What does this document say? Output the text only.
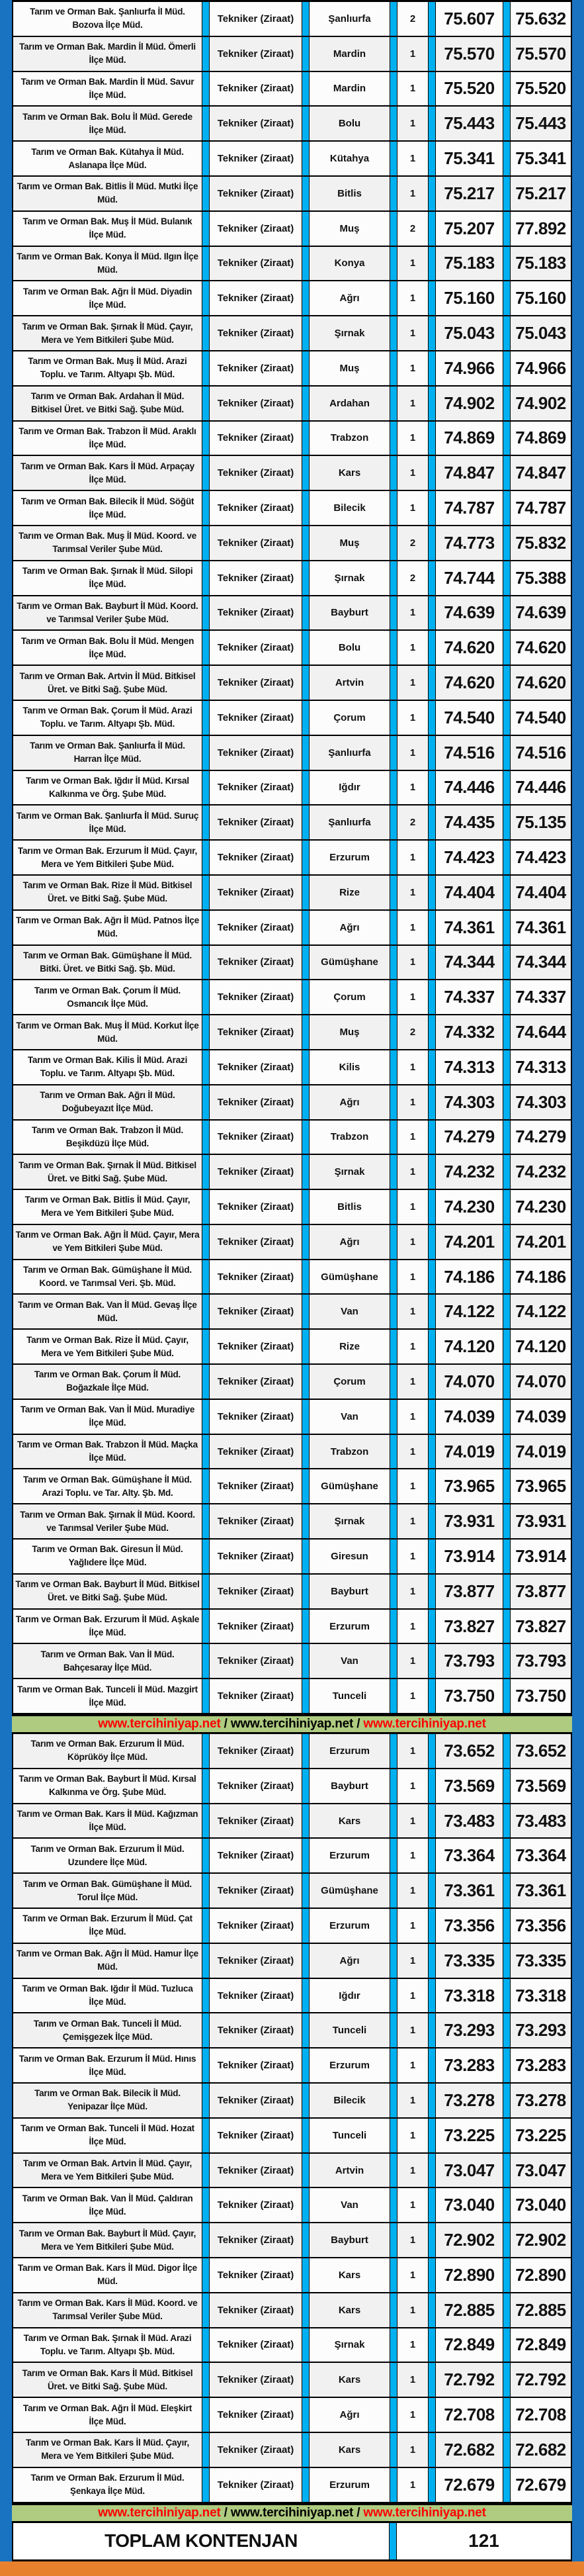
Tarım ve Orman Bak. Şanlıurfa İl Müd. Bozova İlçe Müd.
Tekniker (Ziraat)	Şanlıurfa	2	75.607	75.632
Tarım ve Orman Bak. Mardin İl Müd. Ömerli İlçe Müd.
Tekniker (Ziraat)	Mardin	1	75.570	75.570
Tarım ve Orman Bak. Mardin İl Müd. Savur İlçe Müd.
Tekniker (Ziraat)	Mardin	1	75.520	75.520
Tarım ve Orman Bak. Bolu İl Müd. Gerede İlçe Müd.
Tekniker (Ziraat)	Bolu	1	75.443	75.443
Tarım ve Orman Bak. Kütahya İl Müd. Aslanapa İlçe Müd.
Tekniker (Ziraat)	Kütahya	1	75.341	75.341
Tarım ve Orman Bak. Bitlis İl Müd. Mutki İlçe Müd.
Tekniker (Ziraat)	Bitlis	1	75.217	75.217
Tarım ve Orman Bak. Muş İl Müd. Bulanık İlçe Müd.
Tekniker (Ziraat)	Muş	2	75.207	77.892
Tarım ve Orman Bak. Konya İl Müd. Ilgın İlçe Müd.
Tekniker (Ziraat)	Konya	1	75.183	75.183
Tarım ve Orman Bak. Ağrı İl Müd. Diyadin İlçe Müd.
Tekniker (Ziraat)	Ağrı	1	75.160	75.160
Tarım ve Orman Bak. Şırnak İl Müd. Çayır, Mera ve Yem Bitkileri Şube Müd.
Tekniker (Ziraat)	Şırnak	1	75.043	75.043
Tarım ve Orman Bak. Muş İl Müd. Arazi Toplu. ve Tarım. Altyapı Şb. Müd.
Tekniker (Ziraat)	Muş	1	74.966	74.966
Tarım ve Orman Bak. Ardahan İl Müd. Bitkisel Üret. ve Bitki Sağ. Şube Müd.
Tekniker (Ziraat)	Ardahan	1	74.902	74.902
Tarım ve Orman Bak. Trabzon İl Müd. Araklı İlçe Müd.
Tekniker (Ziraat)	Trabzon	1	74.869	74.869
Tarım ve Orman Bak. Kars İl Müd. Arpaçay İlçe Müd.
Tekniker (Ziraat)	Kars	1	74.847	74.847
Tarım ve Orman Bak. Bilecik İl Müd. Söğüt İlçe Müd.
Tekniker (Ziraat)	Bilecik	1	74.787	74.787
Tarım ve Orman Bak. Muş İl Müd. Koord. ve Tarımsal Veriler Şube Müd.
Tekniker (Ziraat)	Muş	2	74.773	75.832
Tarım ve Orman Bak. Şırnak İl Müd. Silopi İlçe Müd.
Tekniker (Ziraat)	Şırnak	2	74.744	75.388
Tarım ve Orman Bak. Bayburt İl Müd. Koord. ve Tarımsal Veriler Şube Müd.
Tekniker (Ziraat)	Bayburt	1	74.639	74.639
Tarım ve Orman Bak. Bolu İl Müd. Mengen İlçe Müd.
Tekniker (Ziraat)	Bolu	1	74.620	74.620
Tarım ve Orman Bak. Artvin İl Müd. Bitkisel Üret. ve Bitki Sağ. Şube Müd.
Tekniker (Ziraat)	Artvin	1	74.620	74.620
Tarım ve Orman Bak. Çorum İl Müd. Arazi Toplu. ve Tarım. Altyapı Şb. Müd.
Tekniker (Ziraat)	Çorum	1	74.540	74.540
Tarım ve Orman Bak. Şanlıurfa İl Müd. Harran İlçe Müd.
Tekniker (Ziraat)	Şanlıurfa	1	74.516	74.516
Tarım ve Orman Bak. Iğdır İl Müd. Kırsal Kalkınma ve Örg. Şube Müd.
Tekniker (Ziraat)	Iğdır	1	74.446	74.446
Tarım ve Orman Bak. Şanlıurfa İl Müd. Suruç İlçe Müd.
Tekniker (Ziraat)	Şanlıurfa	2	74.435	75.135
Tarım ve Orman Bak. Erzurum İl Müd. Çayır, Mera ve Yem Bitkileri Şube Müd.
Tekniker (Ziraat)	Erzurum	1	74.423	74.423
Tarım ve Orman Bak. Rize İl Müd. Bitkisel Üret. ve Bitki Sağ. Şube Müd.
Tekniker (Ziraat)	Rize	1	74.404	74.404
Tarım ve Orman Bak. Ağrı İl Müd. Patnos İlçe Müd.
Tekniker (Ziraat)	Ağrı	1	74.361	74.361
Tarım ve Orman Bak. Gümüşhane İl Müd. Bitki. Üret. ve Bitki Sağ. Şb. Müd.
Tekniker (Ziraat)	Gümüşhane	1	74.344	74.344
Tarım ve Orman Bak. Çorum İl Müd. Osmancık İlçe Müd.
Tekniker (Ziraat)	Çorum	1	74.337	74.337
Tarım ve Orman Bak. Muş İl Müd. Korkut İlçe Müd.
Tekniker (Ziraat)	Muş	2	74.332	74.644
Tarım ve Orman Bak. Kilis İl Müd. Arazi Toplu. ve Tarım. Altyapı Şb. Müd.
Tekniker (Ziraat)	Kilis	1	74.313	74.313
Tarım ve Orman Bak. Ağrı İl Müd. Doğubeyazıt İlçe Müd.
Tekniker (Ziraat)	Ağrı	1	74.303	74.303
Tarım ve Orman Bak. Trabzon İl Müd. Beşikdüzü İlçe Müd.
Tekniker (Ziraat)	Trabzon	1	74.279	74.279
Tarım ve Orman Bak. Şırnak İl Müd. Bitkisel Üret. ve Bitki Sağ. Şube Müd.
Tekniker (Ziraat)	Şırnak	1	74.232	74.232
Tarım ve Orman Bak. Bitlis İl Müd. Çayır, Mera ve Yem Bitkileri Şube Müd.
Tekniker (Ziraat)	Bitlis	1	74.230	74.230
Tarım ve Orman Bak. Ağrı İl Müd. Çayır, Mera ve Yem Bitkileri Şube Müd.
Tekniker (Ziraat)	Ağrı	1	74.201	74.201
Tarım ve Orman Bak. Gümüşhane İl Müd. Koord. ve Tarımsal Veri. Şb. Müd.
Tekniker (Ziraat)	Gümüşhane	1	74.186	74.186
Tarım ve Orman Bak. Van İl Müd. Gevaş İlçe Müd.
Tekniker (Ziraat)	Van	1	74.122	74.122
Tarım ve Orman Bak. Rize İl Müd. Çayır, Mera ve Yem Bitkileri Şube Müd.
Tekniker (Ziraat)	Rize	1	74.120	74.120
Tarım ve Orman Bak. Çorum İl Müd. Boğazkale İlçe Müd.
Tekniker (Ziraat)	Çorum	1	74.070	74.070
Tarım ve Orman Bak. Van İl Müd. Muradiye İlçe Müd.
Tekniker (Ziraat)	Van	1	74.039	74.039
Tarım ve Orman Bak. Trabzon İl Müd. Maçka İlçe Müd.
Tekniker (Ziraat)	Trabzon	1	74.019	74.019
Tarım ve Orman Bak. Gümüşhane İl Müd. Arazi Toplu. ve Tar. Alty. Şb. Md.
Tekniker (Ziraat)	Gümüşhane	1	73.965	73.965
Tarım ve Orman Bak. Şırnak İl Müd. Koord. ve Tarımsal Veriler Şube Müd.
Tekniker (Ziraat)	Şırnak	1	73.931	73.931
Tarım ve Orman Bak. Giresun İl Müd. Yağlıdere İlçe Müd.
Tekniker (Ziraat)	Giresun	1	73.914	73.914
Tarım ve Orman Bak. Bayburt İl Müd. Bitkisel Üret. ve Bitki Sağ. Şube Müd.
Tekniker (Ziraat)	Bayburt	1	73.877	73.877
Tarım ve Orman Bak. Erzurum İl Müd. Aşkale İlçe Müd.
Tekniker (Ziraat)	Erzurum	1	73.827	73.827
Tarım ve Orman Bak. Van İl Müd. Bahçesaray İlçe Müd.
Tekniker (Ziraat)	Van	1	73.793	73.793
Tarım ve Orman Bak. Tunceli İl Müd. Mazgirt İlçe Müd.
Tekniker (Ziraat)	Tunceli	1	73.750	73.750
www.tercihiniyap.net / www.tercihiniyap.net / www.tercihiniyap.net
Tarım ve Orman Bak. Erzurum İl Müd. Köprüköy İlçe Müd.
Tekniker (Ziraat)	Erzurum	1	73.652	73.652
Tarım ve Orman Bak. Bayburt İl Müd. Kırsal Kalkınma ve Örg. Şube Müd.
Tekniker (Ziraat)	Bayburt	1	73.569	73.569
Tarım ve Orman Bak. Kars İl Müd. Kağızman İlçe Müd.
Tekniker (Ziraat)	Kars	1	73.483	73.483
Tarım ve Orman Bak. Erzurum İl Müd. Uzundere İlçe Müd.
Tekniker (Ziraat)	Erzurum	1	73.364	73.364
Tarım ve Orman Bak. Gümüşhane İl Müd. Torul İlçe Müd.
Tekniker (Ziraat)	Gümüşhane	1	73.361	73.361
Tarım ve Orman Bak. Erzurum İl Müd. Çat İlçe Müd.
Tekniker (Ziraat)	Erzurum	1	73.356	73.356
Tarım ve Orman Bak. Ağrı İl Müd. Hamur İlçe Müd.
Tekniker (Ziraat)	Ağrı	1	73.335	73.335
Tarım ve Orman Bak. Iğdır İl Müd. Tuzluca İlçe Müd.
Tekniker (Ziraat)	Iğdır	1	73.318	73.318
Tarım ve Orman Bak. Tunceli İl Müd. Çemişgezek İlçe Müd.
Tekniker (Ziraat)	Tunceli	1	73.293	73.293
Tarım ve Orman Bak. Erzurum İl Müd. Hınıs İlçe Müd.
Tekniker (Ziraat)	Erzurum	1	73.283	73.283
Tarım ve Orman Bak. Bilecik İl Müd. Yenipazar İlçe Müd.
Tekniker (Ziraat)	Bilecik	1	73.278	73.278
Tarım ve Orman Bak. Tunceli İl Müd. Hozat İlçe Müd.
Tekniker (Ziraat)	Tunceli	1	73.225	73.225
Tarım ve Orman Bak. Artvin İl Müd. Çayır, Mera ve Yem Bitkileri Şube Müd.
Tekniker (Ziraat)	Artvin	1	73.047	73.047
Tarım ve Orman Bak. Van İl Müd. Çaldıran İlçe Müd.
Tekniker (Ziraat)	Van	1	73.040	73.040
Tarım ve Orman Bak. Bayburt İl Müd. Çayır, Mera ve Yem Bitkileri Şube Müd.
Tekniker (Ziraat)	Bayburt	1	72.902	72.902
Tarım ve Orman Bak. Kars İl Müd. Digor İlçe Müd.
Tekniker (Ziraat)	Kars	1	72.890	72.890
Tarım ve Orman Bak. Kars İl Müd. Koord. ve Tarımsal Veriler Şube Müd.
Tekniker (Ziraat)	Kars	1	72.885	72.885
Tarım ve Orman Bak. Şırnak İl Müd. Arazi Toplu. ve Tarım. Altyapı Şb. Müd.
Tekniker (Ziraat)	Şırnak	1	72.849	72.849
Tarım ve Orman Bak. Kars İl Müd. Bitkisel Üret. ve Bitki Sağ. Şube Müd.
Tekniker (Ziraat)	Kars	1	72.792	72.792
Tarım ve Orman Bak. Ağrı İl Müd. Eleşkirt İlçe Müd.
Tekniker (Ziraat)	Ağrı	1	72.708	72.708
Tarım ve Orman Bak. Kars İl Müd. Çayır, Mera ve Yem Bitkileri Şube Müd.
Tekniker (Ziraat)	Kars	1	72.682	72.682
Tarım ve Orman Bak. Erzurum İl Müd. Şenkaya İlçe Müd.
Tekniker (Ziraat)	Erzurum	1	72.679	72.679
www.tercihiniyap.net / www.tercihiniyap.net / www.tercihiniyap.net
TOPLAM KONTENJAN	121
